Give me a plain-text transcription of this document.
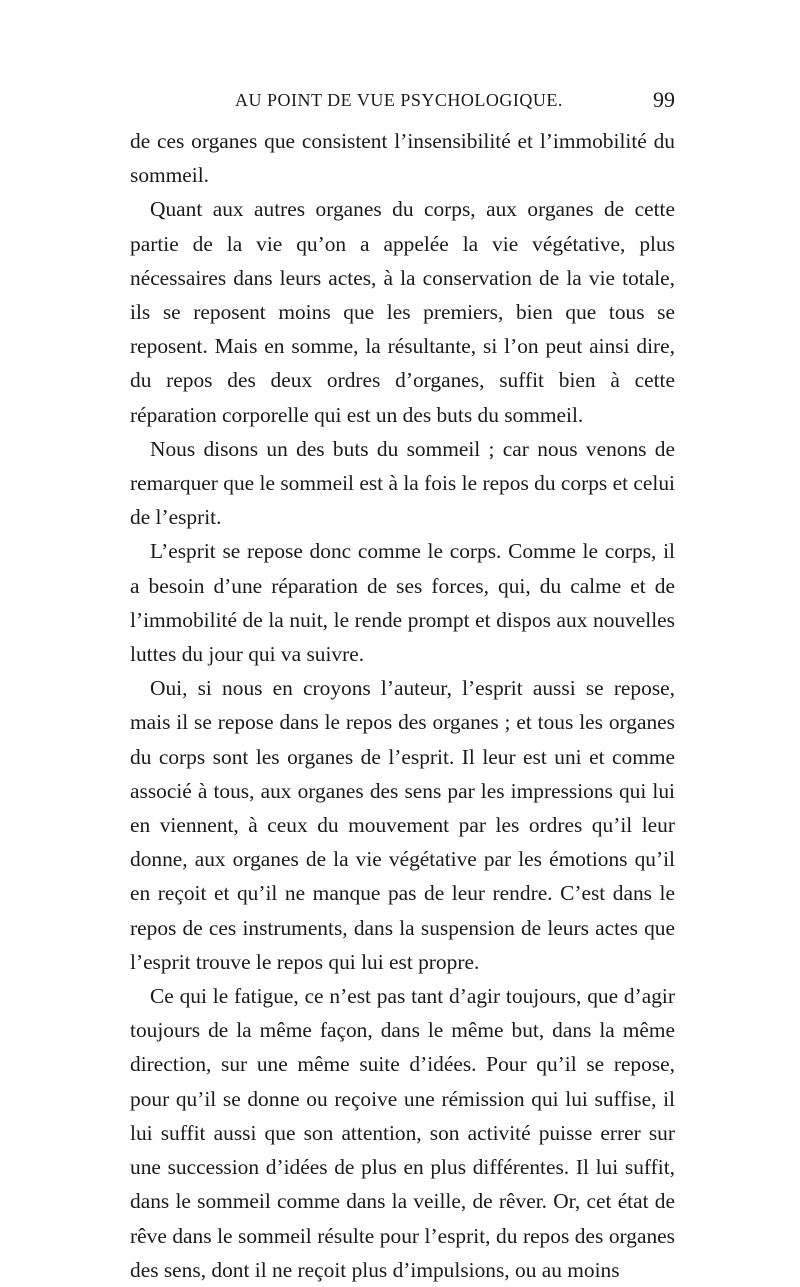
AU POINT DE VUE PSYCHOLOGIQUE.	99

de ces organes que consistent l’insensibilité et l’immobilité du sommeil.

Quant aux autres organes du corps, aux organes de cette partie de la vie qu’on a appelée la vie végétative, plus nécessaires dans leurs actes, à la conservation de la vie totale, ils se reposent moins que les premiers, bien que tous se reposent. Mais en somme, la résultante, si l’on peut ainsi dire, du repos des deux ordres d’organes, suffit bien à cette réparation corporelle qui est un des buts du sommeil.

Nous disons un des buts du sommeil ; car nous venons de remarquer que le sommeil est à la fois le repos du corps et celui de l’esprit.

L’esprit se repose donc comme le corps. Comme le corps, il a besoin d’une réparation de ses forces, qui, du calme et de l’immobilité de la nuit, le rende prompt et dispos aux nouvelles luttes du jour qui va suivre.

Oui, si nous en croyons l’auteur, l’esprit aussi se repose, mais il se repose dans le repos des organes ; et tous les organes du corps sont les organes de l’esprit. Il leur est uni et comme associé à tous, aux organes des sens par les impressions qui lui en viennent, à ceux du mouvement par les ordres qu’il leur donne, aux organes de la vie végétative par les émotions qu’il en reçoit et qu’il ne manque pas de leur rendre. C’est dans le repos de ces instruments, dans la suspension de leurs actes que l’esprit trouve le repos qui lui est propre.

Ce qui le fatigue, ce n’est pas tant d’agir toujours, que d’agir toujours de la même façon, dans le même but, dans la même direction, sur une même suite d’idées. Pour qu’il se repose, pour qu’il se donne ou reçoive une rémission qui lui suffise, il lui suffit aussi que son attention, son activité puisse errer sur une succession d’idées de plus en plus différentes. Il lui suffit, dans le sommeil comme dans la veille, de rêver. Or, cet état de rêve dans le sommeil résulte pour l’esprit, du repos des organes des sens, dont il ne reçoit plus d’impulsions, ou au moins
